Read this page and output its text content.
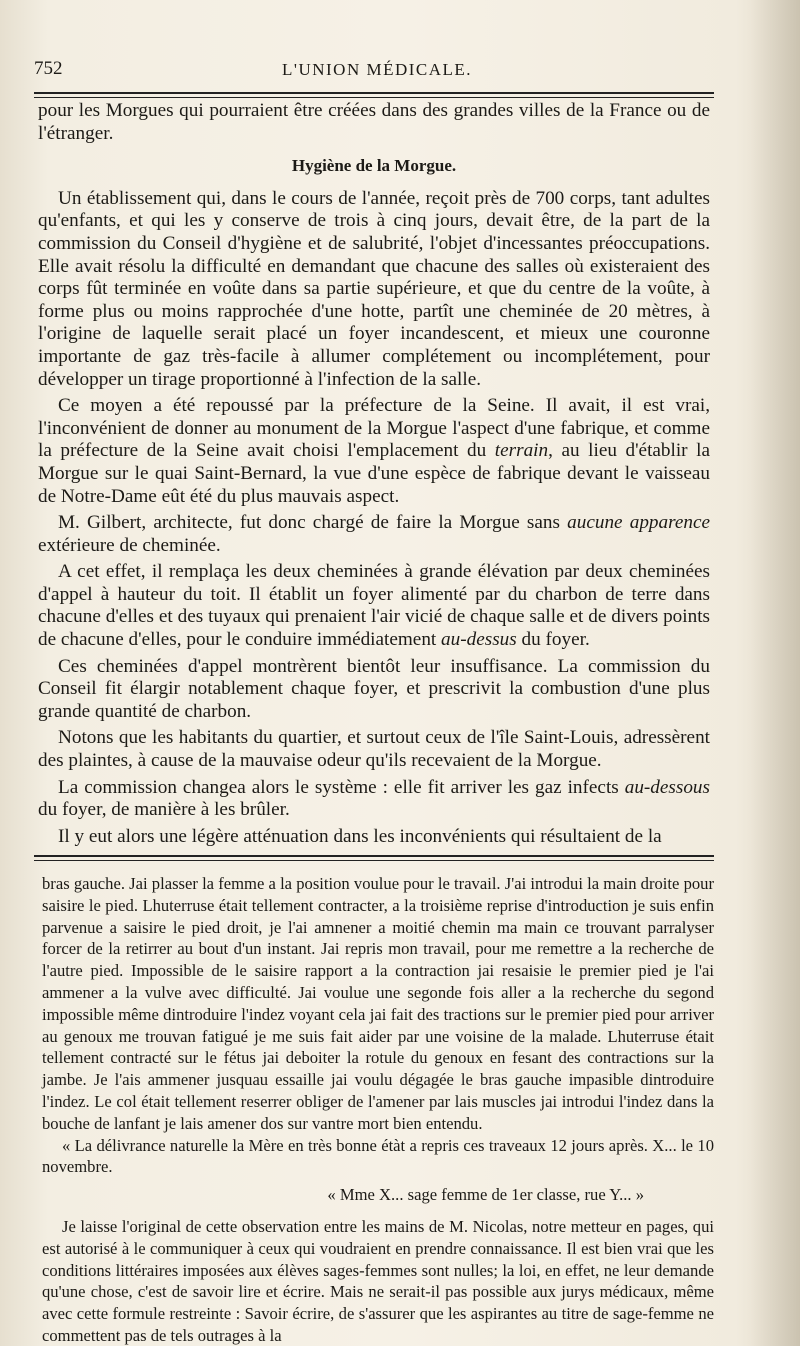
752	L'UNION MÉDICALE.

pour les Morgues qui pourraient être créées dans des grandes villes de la France ou de l'étranger.

Hygiène de la Morgue.

Un établissement qui, dans le cours de l'année, reçoit près de 700 corps, tant adultes qu'enfants, et qui les y conserve de trois à cinq jours, devait être, de la part de la commission du Conseil d'hygiène et de salubrité, l'objet d'incessantes préoccupations. Elle avait résolu la difficulté en demandant que chacune des salles où existeraient des corps fût terminée en voûte dans sa partie supérieure, et que du centre de la voûte, à forme plus ou moins rapprochée d'une hotte, partît une cheminée de 20 mètres, à l'origine de laquelle serait placé un foyer incandescent, et mieux une couronne importante de gaz très-facile à allumer complétement ou incomplétement, pour développer un tirage proportionné à l'infection de la salle.

Ce moyen a été repoussé par la préfecture de la Seine. Il avait, il est vrai, l'inconvénient de donner au monument de la Morgue l'aspect d'une fabrique, et comme la préfecture de la Seine avait choisi l'emplacement du terrain, au lieu d'établir la Morgue sur le quai Saint-Bernard, la vue d'une espèce de fabrique devant le vaisseau de Notre-Dame eût été du plus mauvais aspect.

M. Gilbert, architecte, fut donc chargé de faire la Morgue sans aucune apparence extérieure de cheminée.

A cet effet, il remplaça les deux cheminées à grande élévation par deux cheminées d'appel à hauteur du toit. Il établit un foyer alimenté par du charbon de terre dans chacune d'elles et des tuyaux qui prenaient l'air vicié de chaque salle et de divers points de chacune d'elles, pour le conduire immédiatement au-dessus du foyer.

Ces cheminées d'appel montrèrent bientôt leur insuffisance. La commission du Conseil fit élargir notablement chaque foyer, et prescrivit la combustion d'une plus grande quantité de charbon.

Notons que les habitants du quartier, et surtout ceux de l'île Saint-Louis, adressèrent des plaintes, à cause de la mauvaise odeur qu'ils recevaient de la Morgue.

La commission changea alors le système : elle fit arriver les gaz infects au-dessous du foyer, de manière à les brûler.

Il y eut alors une légère atténuation dans les inconvénients qui résultaient de la

bras gauche. Jai plasser la femme a la position voulue pour le travail. J'ai introdui la main droite pour saisire le pied. Lhuterruse était tellement contracter, a la troisième reprise d'introduction je suis enfin parvenue a saisire le pied droit, je l'ai amnener a moitié chemin ma main ce trouvant parralyser forcer de la retirrer au bout d'un instant. Jai repris mon travail, pour me remettre a la recherche de l'autre pied. Impossible de le saisire rapport a la contraction jai resaisie le premier pied je l'ai ammener a la vulve avec difficulté. Jai voulue une segonde fois aller a la recherche du segond impossible même dintroduire l'indez voyant cela jai fait des tractions sur le premier pied pour arriver au genoux me trouvan fatigué je me suis fait aider par une voisine de la malade. Lhuterruse était tellement contracté sur le fétus jai deboiter la rotule du genoux en fesant des contractions sur la jambe. Je l'ais ammener jusquau essaille jai voulu dégagée le bras gauche impasible dintroduire l'indez. Le col était tellement reserrer obliger de l'amener par lais muscles jai introdui l'indez dans la bouche de lanfant je lais amener dos sur vantre mort bien entendu.

« La délivrance naturelle la Mère en très bonne étàt a repris ces traveaux 12 jours après. X... le 10 novembre.

« Mme X... sage femme de 1er classe, rue Y... »

Je laisse l'original de cette observation entre les mains de M. Nicolas, notre metteur en pages, qui est autorisé à le communiquer à ceux qui voudraient en prendre connaissance. Il est bien vrai que les conditions littéraires imposées aux élèves sages-femmes sont nulles; la loi, en effet, ne leur demande qu'une chose, c'est de savoir lire et écrire. Mais ne serait-il pas possible aux jurys médicaux, même avec cette formule restreinte : Savoir écrire, de s'assurer que les aspirantes au titre de sage-femme ne commettent pas de tels outrages à la
